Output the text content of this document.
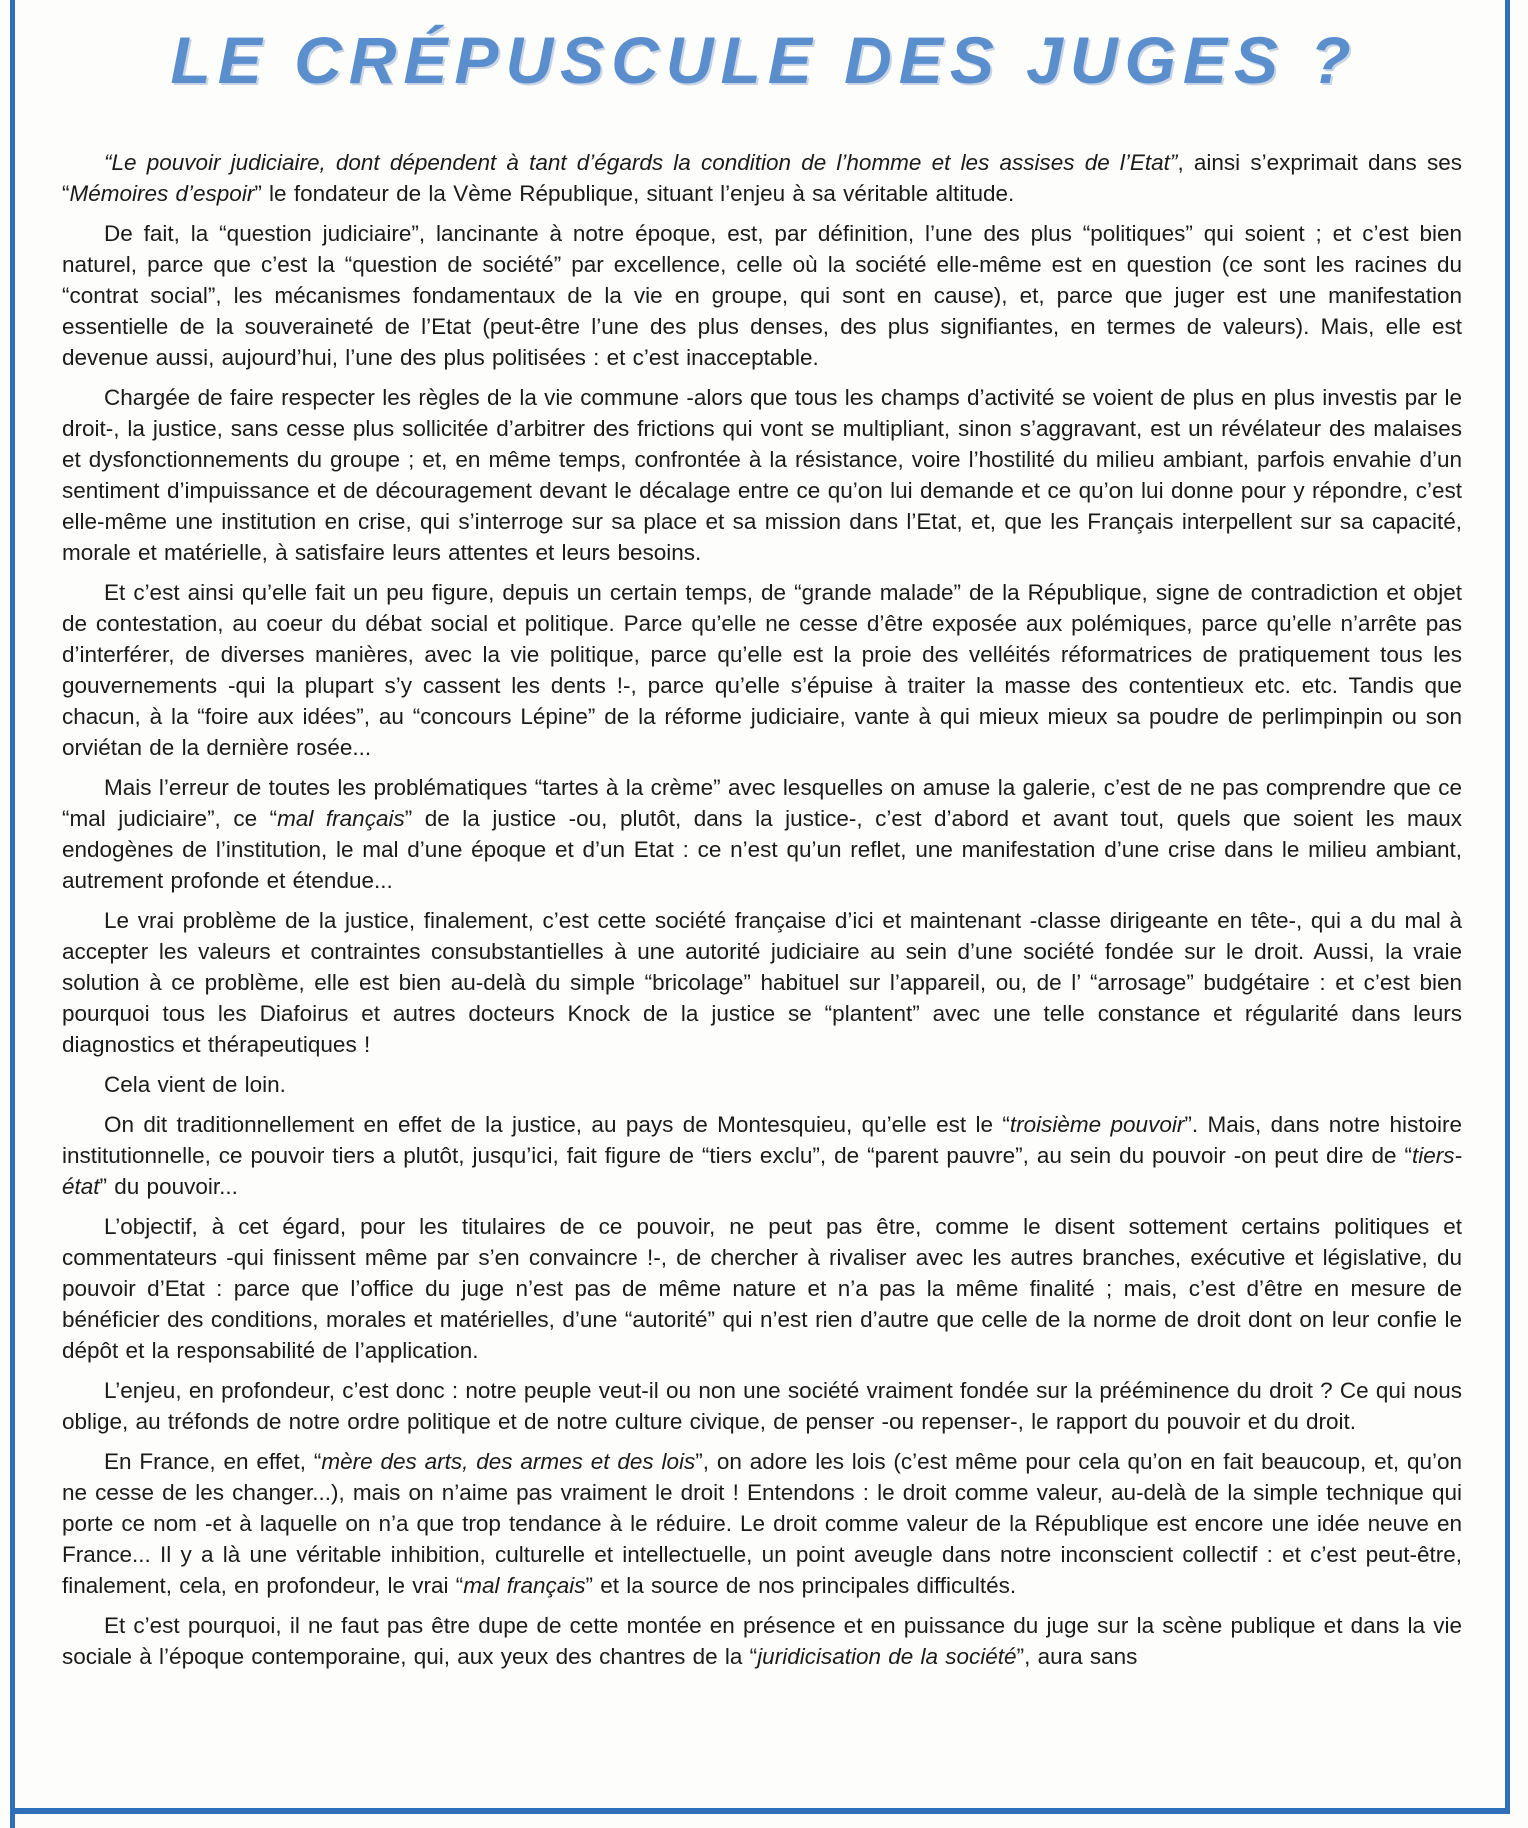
LE CRÉPUSCULE DES JUGES ?

“Le pouvoir judiciaire, dont dépendent à tant d’égards la condition de l’homme et les assises de l’Etat”, ainsi s’exprimait dans ses “Mémoires d’espoir” le fondateur de la Vème République, situant l’enjeu à sa véritable altitude.

De fait, la “question judiciaire”, lancinante à notre époque, est, par définition, l’une des plus “politiques” qui soient ; et c’est bien naturel, parce que c’est la “question de société” par excellence, celle où la société elle-même est en question (ce sont les racines du “contrat social”, les mécanismes fondamentaux de la vie en groupe, qui sont en cause), et, parce que juger est une manifestation essentielle de la souveraineté de l’Etat (peut-être l’une des plus denses, des plus signifiantes, en termes de valeurs). Mais, elle est devenue aussi, aujourd’hui, l’une des plus politisées : et c’est inacceptable.

Chargée de faire respecter les règles de la vie commune -alors que tous les champs d’activité se voient de plus en plus investis par le droit-, la justice, sans cesse plus sollicitée d’arbitrer des frictions qui vont se multipliant, sinon s’aggravant, est un révélateur des malaises et dysfonctionnements du groupe ; et, en même temps, confrontée à la résistance, voire l’hostilité du milieu ambiant, parfois envahie d’un sentiment d’impuissance et de découragement devant le décalage entre ce qu’on lui demande et ce qu’on lui donne pour y répondre, c’est elle-même une institution en crise, qui s’interroge sur sa place et sa mission dans l’Etat, et, que les Français interpellent sur sa capacité, morale et matérielle, à satisfaire leurs attentes et leurs besoins.

Et c’est ainsi qu’elle fait un peu figure, depuis un certain temps, de “grande malade” de la République, signe de contradiction et objet de contestation, au coeur du débat social et politique. Parce qu’elle ne cesse d’être exposée aux polémiques, parce qu’elle n’arrête pas d’interférer, de diverses manières, avec la vie politique, parce qu’elle est la proie des velléités réformatrices de pratiquement tous les gouvernements -qui la plupart s’y cassent les dents !-, parce qu’elle s’épuise à traiter la masse des contentieux etc. etc. Tandis que chacun, à la “foire aux idées”, au “concours Lépine” de la réforme judiciaire, vante à qui mieux mieux sa poudre de perlimpinpin ou son orviétan de la dernière rosée...

Mais l’erreur de toutes les problématiques “tartes à la crème” avec lesquelles on amuse la galerie, c’est de ne pas comprendre que ce “mal judiciaire”, ce “mal français” de la justice -ou, plutôt, dans la justice-, c’est d’abord et avant tout, quels que soient les maux endogènes de l’institution, le mal d’une époque et d’un Etat : ce n’est qu’un reflet, une manifestation d’une crise dans le milieu ambiant, autrement profonde et étendue...

Le vrai problème de la justice, finalement, c’est cette société française d’ici et maintenant -classe dirigeante en tête-, qui a du mal à accepter les valeurs et contraintes consubstantielles à une autorité judiciaire au sein d’une société fondée sur le droit. Aussi, la vraie solution à ce problème, elle est bien au-delà du simple “bricolage” habituel sur l’appareil, ou, de l’ “arrosage” budgétaire : et c’est bien pourquoi tous les Diafoirus et autres docteurs Knock de la justice se “plantent” avec une telle constance et régularité dans leurs diagnostics et thérapeutiques !

Cela vient de loin.

On dit traditionnellement en effet de la justice, au pays de Montesquieu, qu’elle est le “troisième pouvoir”. Mais, dans notre histoire institutionnelle, ce pouvoir tiers a plutôt, jusqu’ici, fait figure de “tiers exclu”, de “parent pauvre”, au sein du pouvoir -on peut dire de “tiers-état” du pouvoir...

L’objectif, à cet égard, pour les titulaires de ce pouvoir, ne peut pas être, comme le disent sottement certains politiques et commentateurs -qui finissent même par s’en convaincre !-, de chercher à rivaliser avec les autres branches, exécutive et législative, du pouvoir d’Etat : parce que l’office du juge n’est pas de même nature et n’a pas la même finalité ; mais, c’est d’être en mesure de bénéficier des conditions, morales et matérielles, d’une “autorité” qui n’est rien d’autre que celle de la norme de droit dont on leur confie le dépôt et la responsabilité de l’application.

L’enjeu, en profondeur, c’est donc : notre peuple veut-il ou non une société vraiment fondée sur la prééminence du droit ? Ce qui nous oblige, au tréfonds de notre ordre politique et de notre culture civique, de penser -ou repenser-, le rapport du pouvoir et du droit.

En France, en effet, “mère des arts, des armes et des lois”, on adore les lois (c’est même pour cela qu’on en fait beaucoup, et, qu’on ne cesse de les changer...), mais on n’aime pas vraiment le droit ! Entendons : le droit comme valeur, au-delà de la simple technique qui porte ce nom -et à laquelle on n’a que trop tendance à le réduire. Le droit comme valeur de la République est encore une idée neuve en France... Il y a là une véritable inhibition, culturelle et intellectuelle, un point aveugle dans notre inconscient collectif : et c’est peut-être, finalement, cela, en profondeur, le vrai “mal français” et la source de nos principales difficultés.

Et c’est pourquoi, il ne faut pas être dupe de cette montée en présence et en puissance du juge sur la scène publique et dans la vie sociale à l’époque contemporaine, qui, aux yeux des chantres de la “juridicisation de la société”, aura sans
